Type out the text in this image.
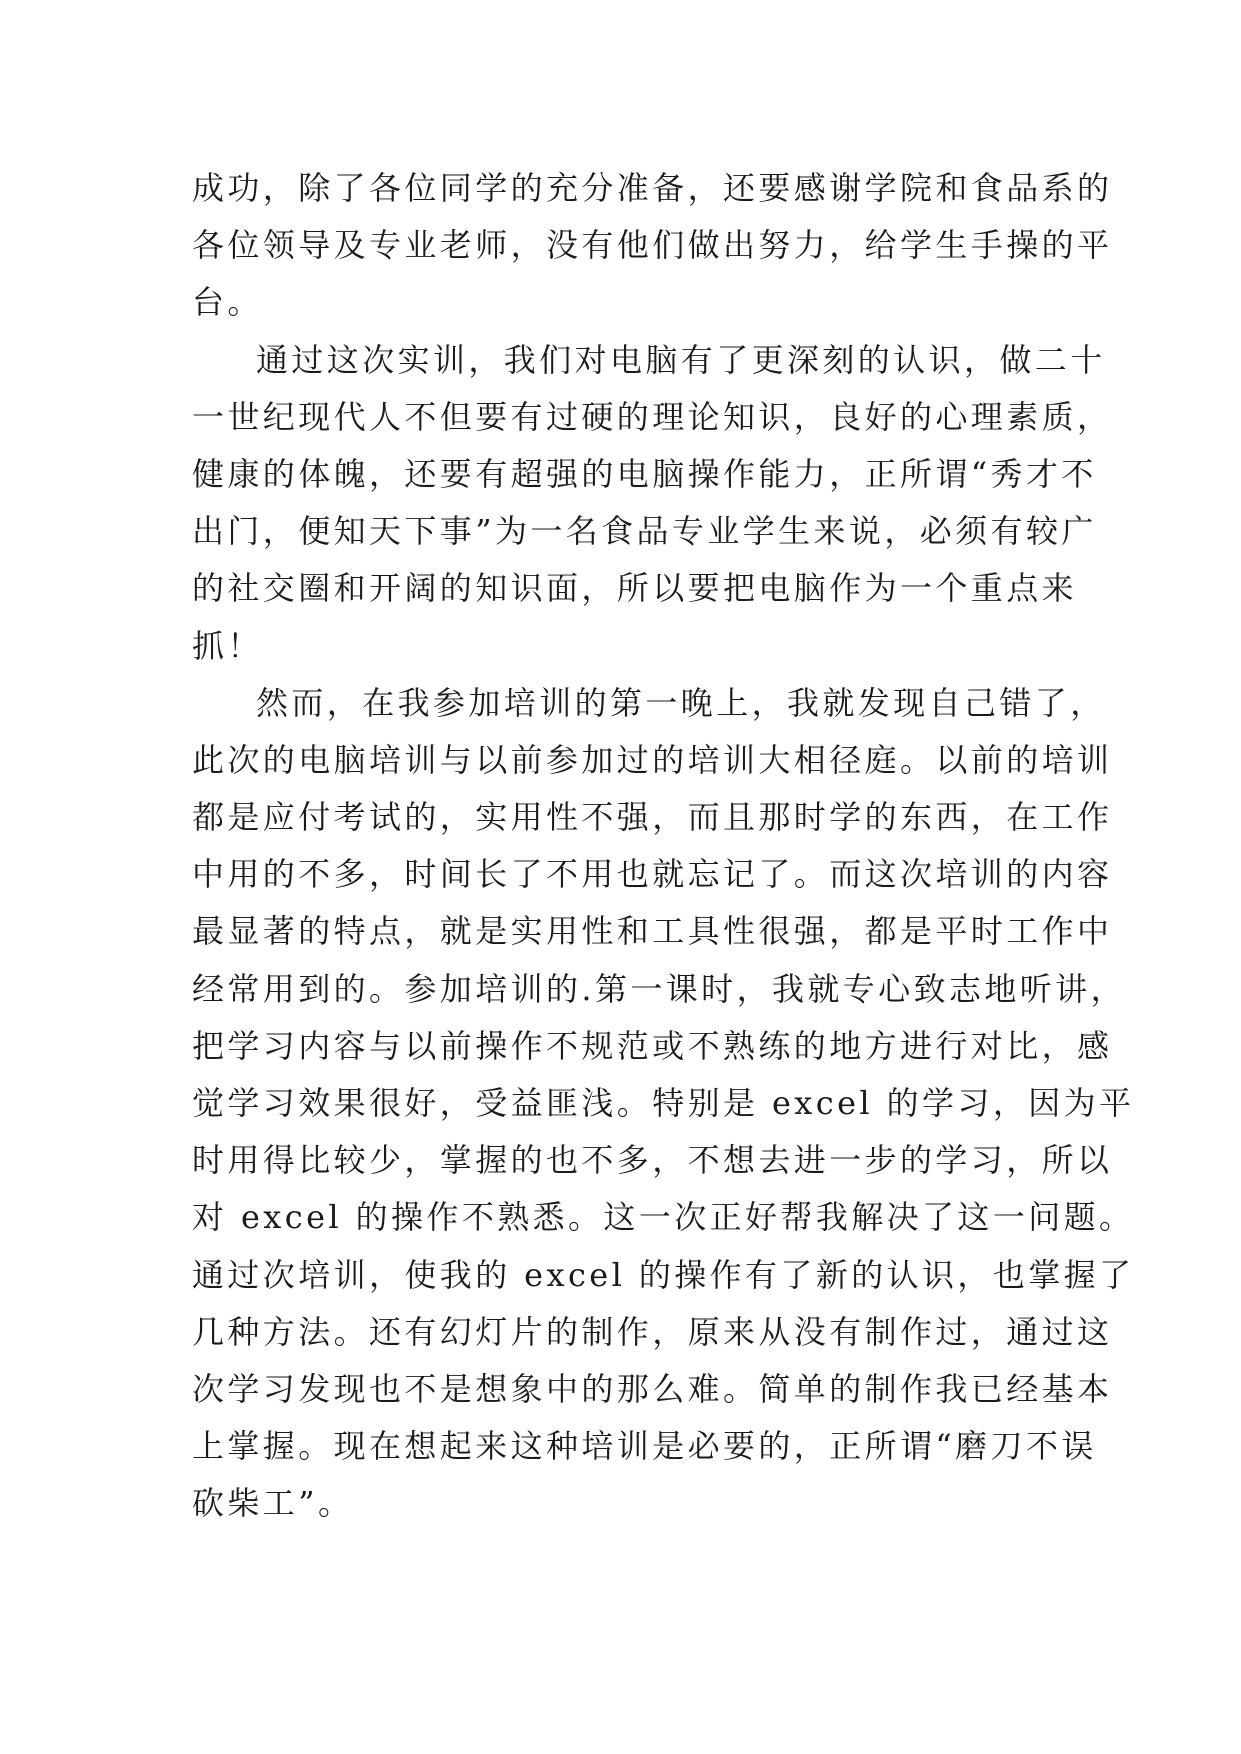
成功，除了各位同学的充分准备，还要感谢学院和食品系的
各位领导及专业老师，没有他们做出努力，给学生手操的平
台。
通过这次实训，我们对电脑有了更深刻的认识，做二十
一世纪现代人不但要有过硬的理论知识，良好的心理素质，
健康的体魄，还要有超强的电脑操作能力，正所谓“秀才不
出门，便知天下事”为一名食品专业学生来说，必须有较广
的社交圈和开阔的知识面，所以要把电脑作为一个重点来
抓！
然而，在我参加培训的第一晚上，我就发现自己错了，
此次的电脑培训与以前参加过的培训大相径庭。以前的培训
都是应付考试的，实用性不强，而且那时学的东西，在工作
中用的不多，时间长了不用也就忘记了。而这次培训的内容
最显著的特点，就是实用性和工具性很强，都是平时工作中
经常用到的。参加培训的.第一课时，我就专心致志地听讲，
把学习内容与以前操作不规范或不熟练的地方进行对比，感
觉学习效果很好，受益匪浅。特别是 excel 的学习，因为平
时用得比较少，掌握的也不多，不想去进一步的学习，所以
对 excel 的操作不熟悉。这一次正好帮我解决了这一问题。
通过次培训，使我的 excel 的操作有了新的认识，也掌握了
几种方法。还有幻灯片的制作，原来从没有制作过，通过这
次学习发现也不是想象中的那么难。简单的制作我已经基本
上掌握。现在想起来这种培训是必要的，正所谓“磨刀不误
砍柴工”。
